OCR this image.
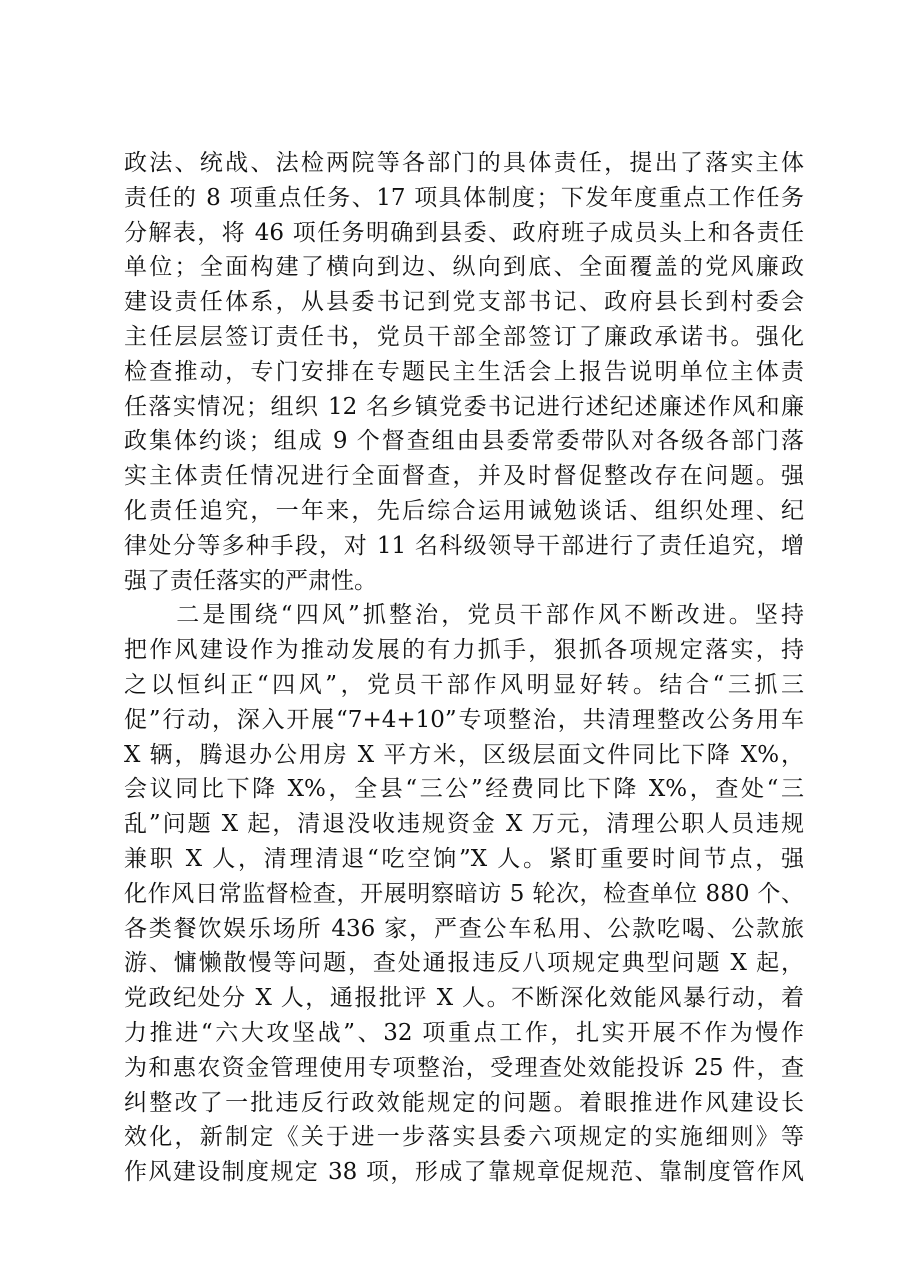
政法、统战、法检两院等各部门的具体责任，提出了落实主体
责任的 8 项重点任务、17 项具体制度；下发年度重点工作任务
分解表，将 46 项任务明确到县委、政府班子成员头上和各责任
单位；全面构建了横向到边、纵向到底、全面覆盖的党风廉政
建设责任体系，从县委书记到党支部书记、政府县长到村委会
主任层层签订责任书，党员干部全部签订了廉政承诺书。强化
检查推动，专门安排在专题民主生活会上报告说明单位主体责
任落实情况；组织 12 名乡镇党委书记进行述纪述廉述作风和廉
政集体约谈；组成 9 个督查组由县委常委带队对各级各部门落
实主体责任情况进行全面督查，并及时督促整改存在问题。强
化责任追究，一年来，先后综合运用诫勉谈话、组织处理、纪
律处分等多种手段，对 11 名科级领导干部进行了责任追究，增
强了责任落实的严肃性。
　　二是围绕“四风”抓整治，党员干部作风不断改进。坚持
把作风建设作为推动发展的有力抓手，狠抓各项规定落实，持
之以恒纠正“四风”，党员干部作风明显好转。结合“三抓三
促”行动，深入开展“7+4+10”专项整治，共清理整改公务用车
X 辆，腾退办公用房 X 平方米，区级层面文件同比下降 X%，
会议同比下降 X%，全县“三公”经费同比下降 X%，查处“三
乱”问题 X 起，清退没收违规资金 X 万元，清理公职人员违规
兼职 X 人，清理清退“吃空饷”X 人。紧盯重要时间节点，强
化作风日常监督检查，开展明察暗访 5 轮次，检查单位 880 个、
各类餐饮娱乐场所 436 家，严查公车私用、公款吃喝、公款旅
游、慵懒散慢等问题，查处通报违反八项规定典型问题 X 起，
党政纪处分 X 人，通报批评 X 人。不断深化效能风暴行动，着
力推进“六大攻坚战”、32 项重点工作，扎实开展不作为慢作
为和惠农资金管理使用专项整治，受理查处效能投诉 25 件，查
纠整改了一批违反行政效能规定的问题。着眼推进作风建设长
效化，新制定《关于进一步落实县委六项规定的实施细则》等
作风建设制度规定 38 项，形成了靠规章促规范、靠制度管作风
